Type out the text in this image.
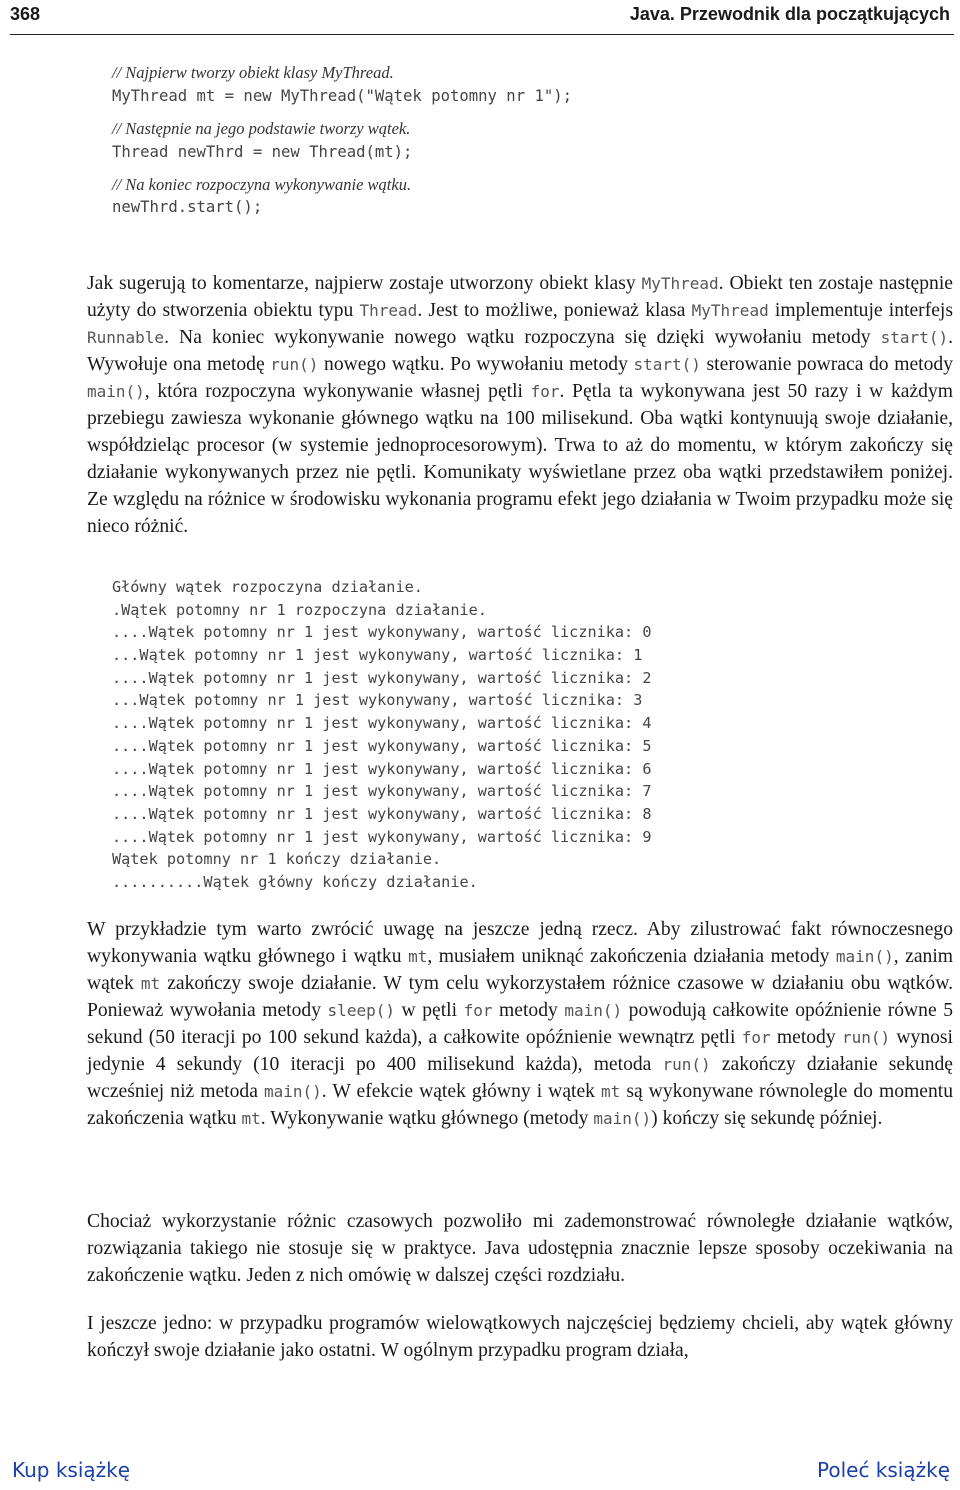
368	Java. Przewodnik dla początkujących
// Najpierw tworzy obiekt klasy MyThread.
MyThread mt = new MyThread("Wątek potomny nr 1");
// Następnie na jego podstawie tworzy wątek.
Thread newThrd = new Thread(mt);
// Na koniec rozpoczyna wykonywanie wątku.
newThrd.start();

Jak sugerują to komentarze, najpierw zostaje utworzony obiekt klasy MyThread. Obiekt ten zostaje następnie użyty do stworzenia obiektu typu Thread. Jest to możliwe, ponieważ klasa MyThread implementuje interfejs Runnable. Na koniec wykonywanie nowego wątku rozpoczyna się dzięki wywołaniu metody start(). Wywołuje ona metodę run() nowego wątku. Po wywołaniu metody start() sterowanie powraca do metody main(), która rozpoczyna wykonywanie własnej pętli for. Pętla ta wykonywana jest 50 razy i w każdym przebiegu zawiesza wykonanie głównego wątku na 100 milisekund. Oba wątki kontynuują swoje działanie, współdzieląc procesor (w systemie jednoprocesorowym). Trwa to aż do momentu, w którym zakończy się działanie wykonywanych przez nie pętli. Komunikaty wyświetlane przez oba wątki przedstawiłem poniżej. Ze względu na różnice w środowisku wykonania programu efekt jego działania w Twoim przypadku może się nieco różnić.

Główny wątek rozpoczyna działanie.
.Wątek potomny nr 1 rozpoczyna działanie.
....Wątek potomny nr 1 jest wykonywany, wartość licznika: 0
...Wątek potomny nr 1 jest wykonywany, wartość licznika: 1
....Wątek potomny nr 1 jest wykonywany, wartość licznika: 2
...Wątek potomny nr 1 jest wykonywany, wartość licznika: 3
....Wątek potomny nr 1 jest wykonywany, wartość licznika: 4
....Wątek potomny nr 1 jest wykonywany, wartość licznika: 5
....Wątek potomny nr 1 jest wykonywany, wartość licznika: 6
....Wątek potomny nr 1 jest wykonywany, wartość licznika: 7
....Wątek potomny nr 1 jest wykonywany, wartość licznika: 8
....Wątek potomny nr 1 jest wykonywany, wartość licznika: 9
Wątek potomny nr 1 kończy działanie.
..........Wątek główny kończy działanie.

W przykładzie tym warto zwrócić uwagę na jeszcze jedną rzecz. Aby zilustrować fakt równoczesnego wykonywania wątku głównego i wątku mt, musiałem uniknąć zakończenia działania metody main(), zanim wątek mt zakończy swoje działanie. W tym celu wykorzystałem różnice czasowe w działaniu obu wątków. Ponieważ wywołania metody sleep() w pętli for metody main() powodują całkowite opóźnienie równe 5 sekund (50 iteracji po 100 sekund każda), a całkowite opóźnienie wewnątrz pętli for metody run() wynosi jedynie 4 sekundy (10 iteracji po 400 milisekund każda), metoda run() zakończy działanie sekundę wcześniej niż metoda main(). W efekcie wątek główny i wątek mt są wykonywane równolegle do momentu zakończenia wątku mt. Wykonywanie wątku głównego (metody main()) kończy się sekundę później.

Chociaż wykorzystanie różnic czasowych pozwoliło mi zademonstrować równoległe działanie wątków, rozwiązania takiego nie stosuje się w praktyce. Java udostępnia znacznie lepsze sposoby oczekiwania na zakończenie wątku. Jeden z nich omówię w dalszej części rozdziału.

I jeszcze jedno: w przypadku programów wielowątkowych najczęściej będziemy chcieli, aby wątek główny kończył swoje działanie jako ostatni. W ogólnym przypadku program działa,

Kup książkę	Poleć książkę
